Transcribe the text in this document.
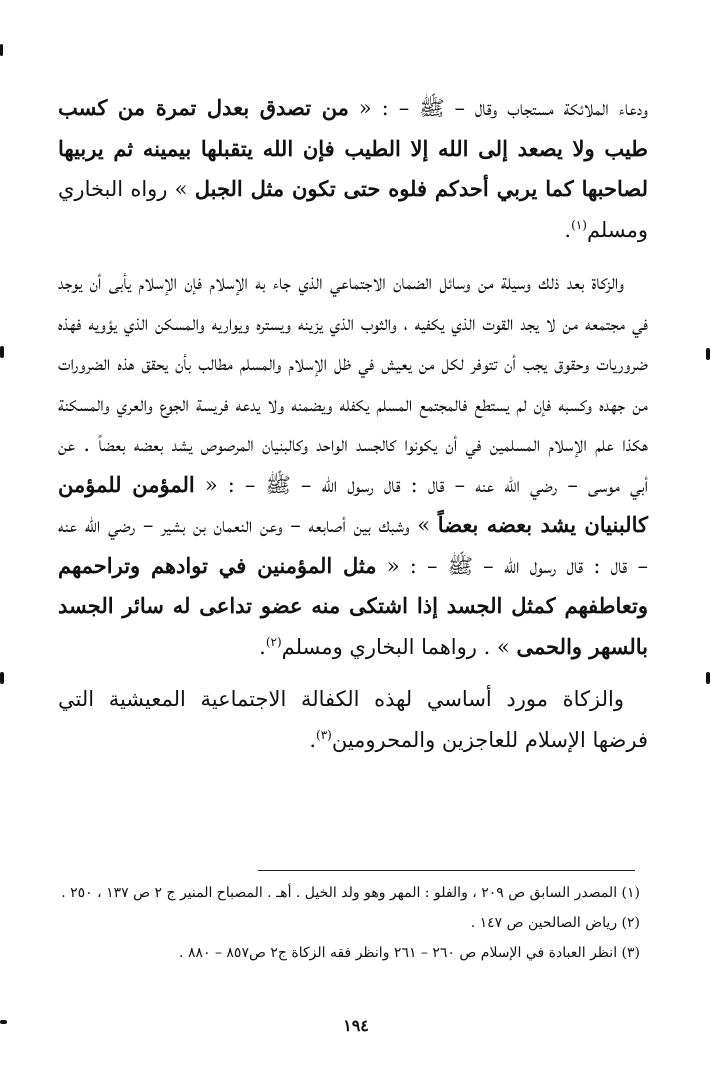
ودعاء الملائكة مستجاب وقال – ﷺ – : « من تصدق بعدل تمرة من كسب طيب ولا يصعد إلى الله إلا الطيب فإن الله يتقبلها بيمينه ثم يربيها لصاحبها كما يربي أحدكم فلوه حتى تكون مثل الجبل » رواه البخاري ومسلم$^{(١)}$.

والزكاة بعد ذلك وسيلة من وسائل الضمان الاجتماعي الذي جاء به الإسلام فإن الإسلام يأبى أن يوجد في مجتمعه من لا يجد القوت الذي يكفيه ، والثوب الذي يزينه ويستره ويواريه والمسكن الذي يؤويه فهذه ضروريات وحقوق يجب أن تتوفر لكل من يعيش في ظل الإسلام والمسلم مطالب بأن يحقق هذه الضرورات من جهده وكسبه فإن لم يستطع فالمجتمع المسلم يكفله ويضمنه ولا يدعه فريسة الجوع والعري والمسكنة هكذا علم الإسلام المسلمين في أن يكونوا كالجسد الواحد وكالبنيان المرصوص يشد بعضه بعضاً . عن أبي موسى – رضي الله عنه – قال : قال رسول الله – ﷺ – : « المؤمن للمؤمن كالبنيان يشد بعضه بعضاً » وشبك بين أصابعه – وعن النعمان بن بشير – رضي الله عنه – قال : قال رسول الله – ﷺ – : « مثل المؤمنين في توادهم وتراحمهم وتعاطفهم كمثل الجسد إذا اشتكى منه عضو تداعى له سائر الجسد بالسهر والحمى » . رواهما البخاري ومسلم$^{(٢)}$.

والزكاة مورد أساسي لهذه الكفالة الاجتماعية المعيشية التي فرضها الإسلام للعاجزين والمحرومين$^{(٣)}$.

(١) المصدر السابق ص ٢٠٩ ، والفلو : المهر وهو ولد الخيل . أهـ . المصباح المنير ج ٢ ص ١٣٧ ، ٢٥٠ .

(٢) رياض الصالحين ص ١٤٧ .

(٣) انظر العبادة في الإسلام ص ٢٦٠ – ٢٦١ وانظر فقه الزكاة ج٢ ص٨٥٧ – ٨٨٠ .

١٩٤
